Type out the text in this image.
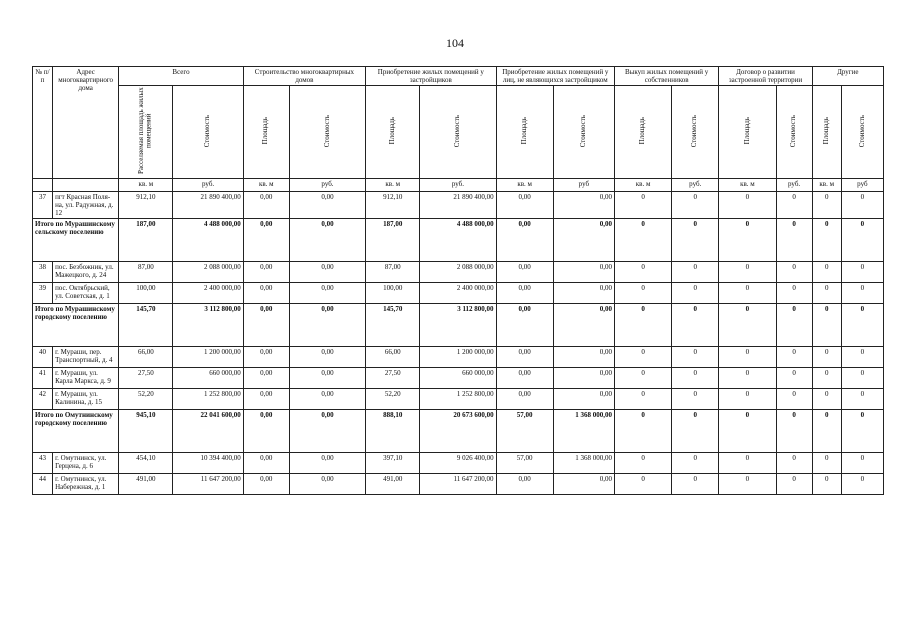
104
№ п/п	Адрес многоквартирного дома	Всего		Строительство многоквартирных домов		Приобретение жилых помещений у застройщиков		Приобретение жилых помещений у лиц, не являющихся застройщиком		Выкуп жилых помещений у собственников		Договор о развитии застроенной территории		Другие	
		Расселяемая площадь жилых помещений	Стоимость	Площадь	Стоимость	Площадь	Стоимость	Площадь	Стоимость	Площадь	Стоимость	Площадь	Стоимость	Площадь	Стоимость
		кв. м	руб.	кв. м	руб.	кв. м	руб.	кв. м	руб	кв. м	руб.	кв. м	руб.	кв. м	руб
37	пгт Красная Поля-на, ул. Радужная, д. 12	912,10	21 890 400,00	0,00	0,00	912,10	21 890 400,00	0,00	0,00	0	0	0	0	0	0
Итого по Мурашинскому сельскому поселению		187,00	4 488 000,00	0,00	0,00	187,00	4 488 000,00	0,00	0,00	0	0	0	0	0	0
38	пос. Безбожник, ул. Мажецкого, д. 24	87,00	2 088 000,00	0,00	0,00	87,00	2 088 000,00	0,00	0,00	0	0	0	0	0	0
39	пос. Октябрьский, ул. Советская, д. 1	100,00	2 400 000,00	0,00	0,00	100,00	2 400 000,00	0,00	0,00	0	0	0	0	0	0
Итого по Мурашинскому городскому поселению		145,70	3 112 800,00	0,00	0,00	145,70	3 112 800,00	0,00	0,00	0	0	0	0	0	0
40	г. Мураши, пер. Транспортный, д. 4	66,00	1 200 000,00	0,00	0,00	66,00	1 200 000,00	0,00	0,00	0	0	0	0	0	0
41	г. Мураши, ул. Карла Маркса, д. 9	27,50	660 000,00	0,00	0,00	27,50	660 000,00	0,00	0,00	0	0	0	0	0	0
42	г. Мураши, ул. Калинина, д. 15	52,20	1 252 800,00	0,00	0,00	52,20	1 252 800,00	0,00	0,00	0	0	0	0	0	0
Итого по Омутнинскому городскому поселению		945,10	22 041 600,00	0,00	0,00	888,10	20 673 600,00	57,00	1 368 000,00	0	0	0	0	0	0
43	г. Омутнинск, ул. Герцена, д. 6	454,10	10 394 400,00	0,00	0,00	397,10	9 026 400,00	57,00	1 368 000,00	0	0	0	0	0	0
44	г. Омутнинск, ул. Набережная, д. 1	491,00	11 647 200,00	0,00	0,00	491,00	11 647 200,00	0,00	0,00	0	0	0	0	0	0
